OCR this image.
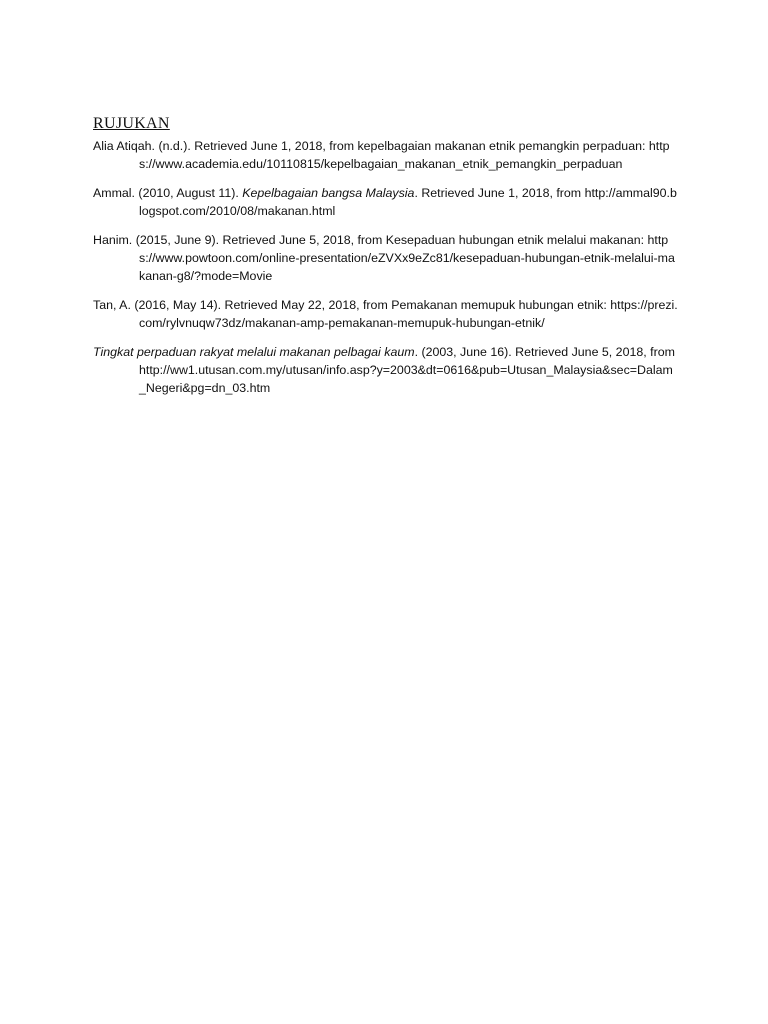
RUJUKAN

Alia Atiqah. (n.d.). Retrieved June 1, 2018, from kepelbagaian makanan etnik pemangkin perpaduan: https://www.academia.edu/10110815/kepelbagaian_makanan_etnik_pemangkin_perpaduan

Ammal. (2010, August 11). Kepelbagaian bangsa Malaysia. Retrieved June 1, 2018, from http://ammal90.blogspot.com/2010/08/makanan.html

Hanim. (2015, June 9). Retrieved June 5, 2018, from Kesepaduan hubungan etnik melalui makanan: https://www.powtoon.com/online-presentation/eZVXx9eZc81/kesepaduan-hubungan-etnik-melalui-makanan-g8/?mode=Movie

Tan, A. (2016, May 14). Retrieved May 22, 2018, from Pemakanan memupuk hubungan etnik: https://prezi.com/rylvnuqw73dz/makanan-amp-pemakanan-memupuk-hubungan-etnik/

Tingkat perpaduan rakyat melalui makanan pelbagai kaum. (2003, June 16). Retrieved June 5, 2018, from http://ww1.utusan.com.my/utusan/info.asp?y=2003&dt=0616&pub=Utusan_Malaysia&sec=Dalam_Negeri&pg=dn_03.htm
